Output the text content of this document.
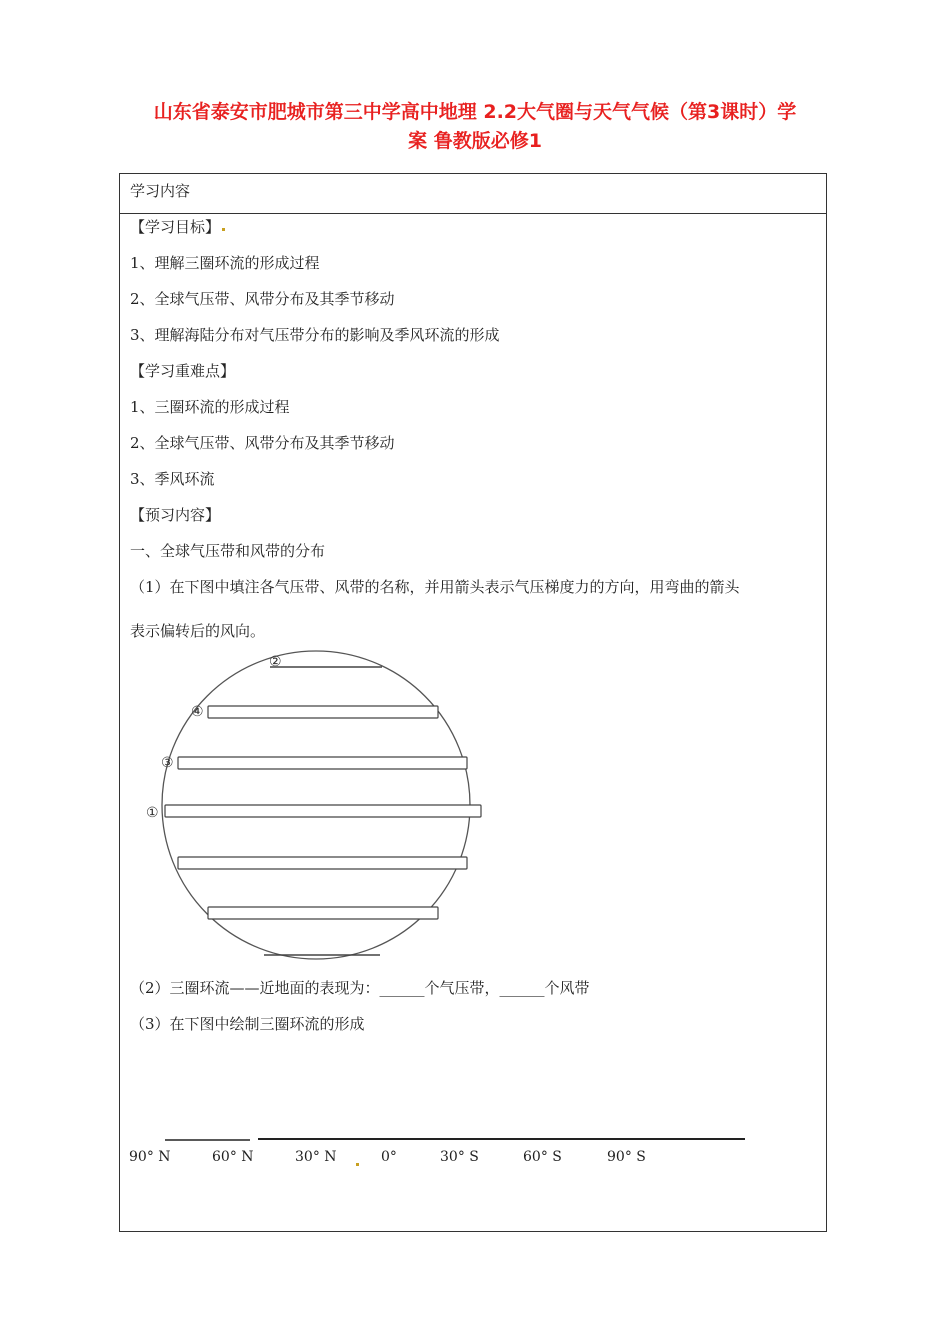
山东省泰安市肥城市第三中学高中地理 2.2大气圈与天气气候（第3课时）学
案 鲁教版必修1
学习内容
【学习目标】
1、理解三圈环流的形成过程
2、全球气压带、风带分布及其季节移动
3、理解海陆分布对气压带分布的影响及季风环流的形成
【学习重难点】
1、三圈环流的形成过程
2、全球气压带、风带分布及其季节移动
3、季风环流
【预习内容】
一、全球气压带和风带的分布
（1）在下图中填注各气压带、风带的名称，并用箭头表示气压梯度力的方向，用弯曲的箭头
表示偏转后的风向。
②
④
③
①
（2）三圈环流——近地面的表现为：______个气压带，______个风带
（3）在下图中绘制三圈环流的形成
90° N	60° N	30° N	0°	30° S	60° S	90° S
